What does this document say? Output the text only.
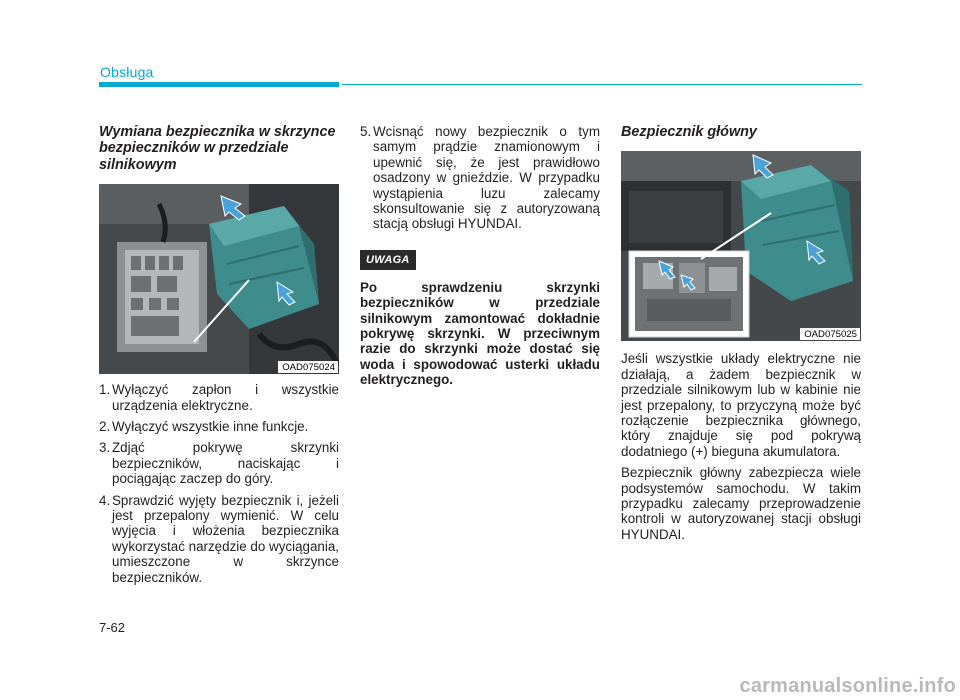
Obsługa
Wymiana bezpiecznika w skrzynce bezpieczników w przedziale silnikowym
OAD075024
1. Wyłączyć zapłon i wszystkie urządzenia elektryczne.
2. Wyłączyć wszystkie inne funkcje.
3. Zdjąć pokrywę skrzynki bezpieczników, naciskając i pociągając zaczep do góry.
4. Sprawdzić wyjęty bezpiecznik i, jeżeli jest przepalony wymienić. W celu wyjęcia i włożenia bezpiecznika wykorzystać narzędzie do wyciągania, umieszczone w skrzynce bezpieczników.
5. Wcisnąć nowy bezpiecznik o tym samym prądzie znamionowym i upewnić się, że jest prawidłowo osadzony w gnieździe. W przypadku wystąpienia luzu zalecamy skonsultowanie się z autoryzowaną stacją obsługi HYUNDAI.
UWAGA
Po sprawdzeniu skrzynki bezpieczników w przedziale silnikowym zamontować dokładnie pokrywę skrzynki. W przeciwnym razie do skrzynki może dostać się woda i spowodować usterki układu elektrycznego.
Bezpiecznik główny
OAD075025
Jeśli wszystkie układy elektryczne nie działają, a żadem bezpiecznik w przedziale silnikowym lub w kabinie nie jest przepalony, to przyczyną może być rozłączenie bezpiecznika głównego, który znajduje się pod pokrywą dodatniego (+) bieguna akumulatora.
Bezpiecznik główny zabezpiecza wiele podsystemów samochodu. W takim przypadku zalecamy przeprowadzenie kontroli w autoryzowanej stacji obsługi HYUNDAI.
7-62
carmanualsonline.info
